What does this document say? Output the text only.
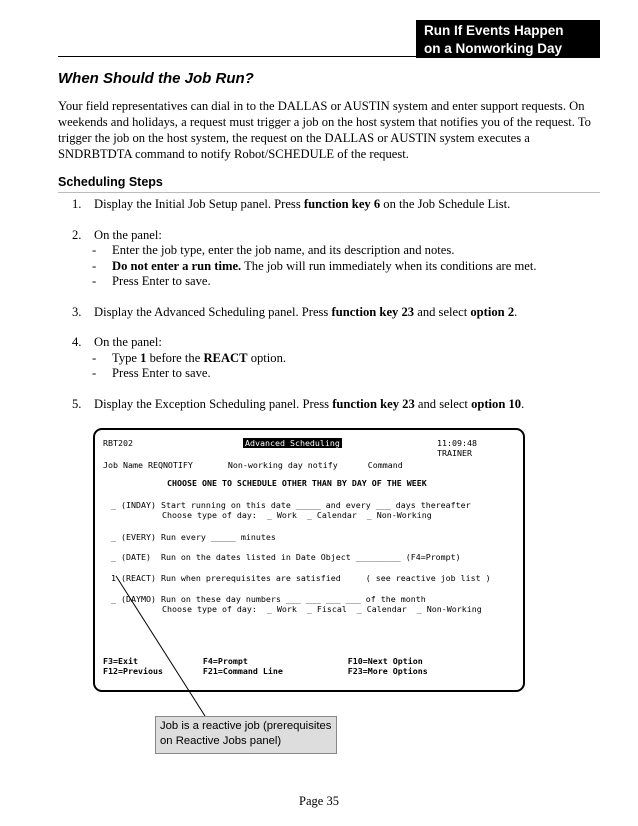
Run If Events Happen
on a Nonworking Day
When Should the Job Run?

Your field representatives can dial in to the DALLAS or AUSTIN system and enter support requests. On weekends and holidays, a request must trigger a job on the host system that notifies you of the request. To trigger the job on the host system, the request on the DALLAS or AUSTIN system executes a SNDRBTDTA command to notify Robot/SCHEDULE of the request.

Scheduling Steps
1. Display the Initial Job Setup panel. Press function key 6 on the Job Schedule List.
2. On the panel:
-	Enter the job type, enter the job name, and its description and notes.
-	Do not enter a run time. The job will run immediately when its conditions are met.
-	Press Enter to save.
3. Display the Advanced Scheduling panel. Press function key 23 and select option 2.
4. On the panel:
-	Type 1 before the REACT option.
-	Press Enter to save.
5. Display the Exception Scheduling panel. Press function key 23 and select option 10.
RBT202	Advanced Scheduling	11:09:48
TRAINER
Job Name REQNOTIFY       Non-working day notify      Command
CHOOSE ONE TO SCHEDULE OTHER THAN BY DAY OF THE WEEK
_ (INDAY) Start running on this date _____ and every ___ days thereafter
Choose type of day:  _ Work  _ Calendar  _ Non-Working
_ (EVERY) Run every _____ minutes
_ (DATE)  Run on the dates listed in Date Object _________ (F4=Prompt)
1 (REACT) Run when prerequisites are satisfied     ( see reactive job list )
_ (DAYMO) Run on these day numbers ___ ___ ___ ___ of the month
Choose type of day:  _ Work  _ Fiscal  _ Calendar  _ Non-Working
F3=Exit             F4=Prompt                    F10=Next Option
F12=Previous        F21=Command Line             F23=More Options
Job is a reactive job (prerequisites
on Reactive Jobs panel)
Page 35
